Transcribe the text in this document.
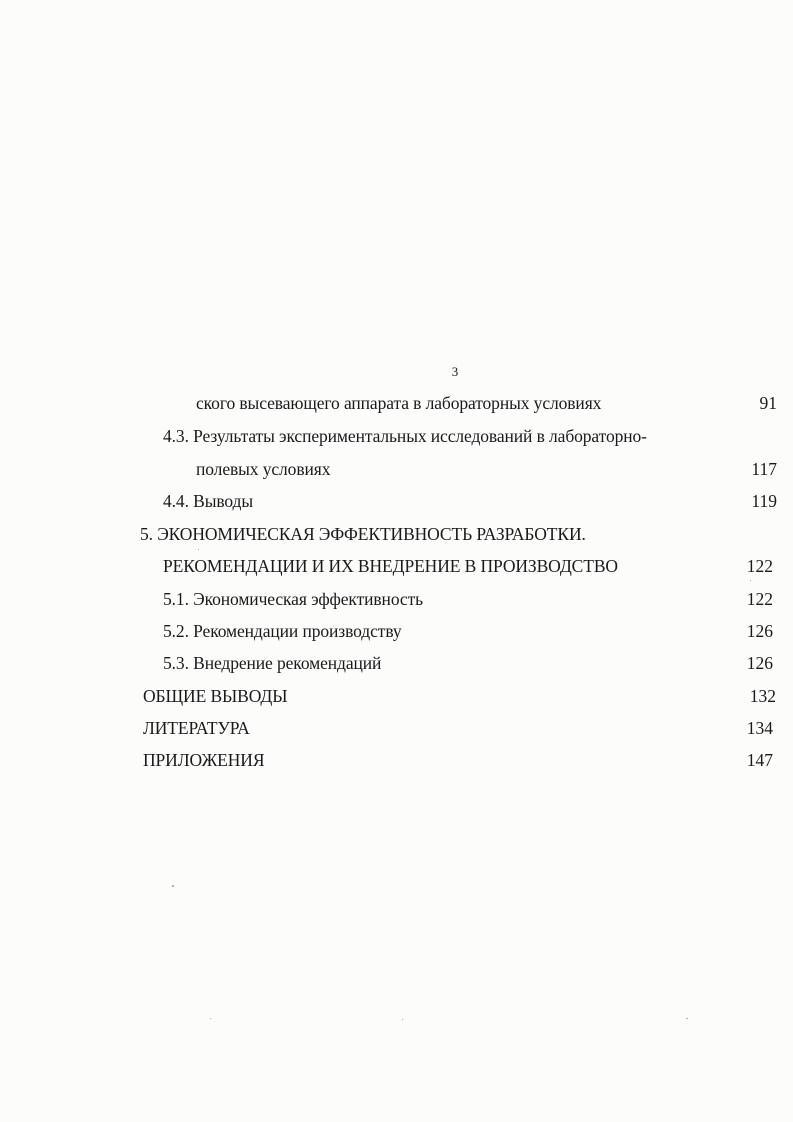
3
ского высевающего аппарата в лабораторных условиях	91
4.3. Результаты экспериментальных исследований в лабораторно-
полевых условиях	117
4.4. Выводы	119
5. ЭКОНОМИЧЕСКАЯ ЭФФЕКТИВНОСТЬ РАЗРАБОТКИ.
РЕКОМЕНДАЦИИ И ИХ ВНЕДРЕНИЕ В ПРОИЗВОДСТВО	122
5.1. Экономическая эффективность	122
5.2. Рекомендации производству	126
5.3. Внедрение рекомендаций	126
ОБЩИЕ ВЫВОДЫ	132
ЛИТЕРАТУРА	134
ПРИЛОЖЕНИЯ	147
